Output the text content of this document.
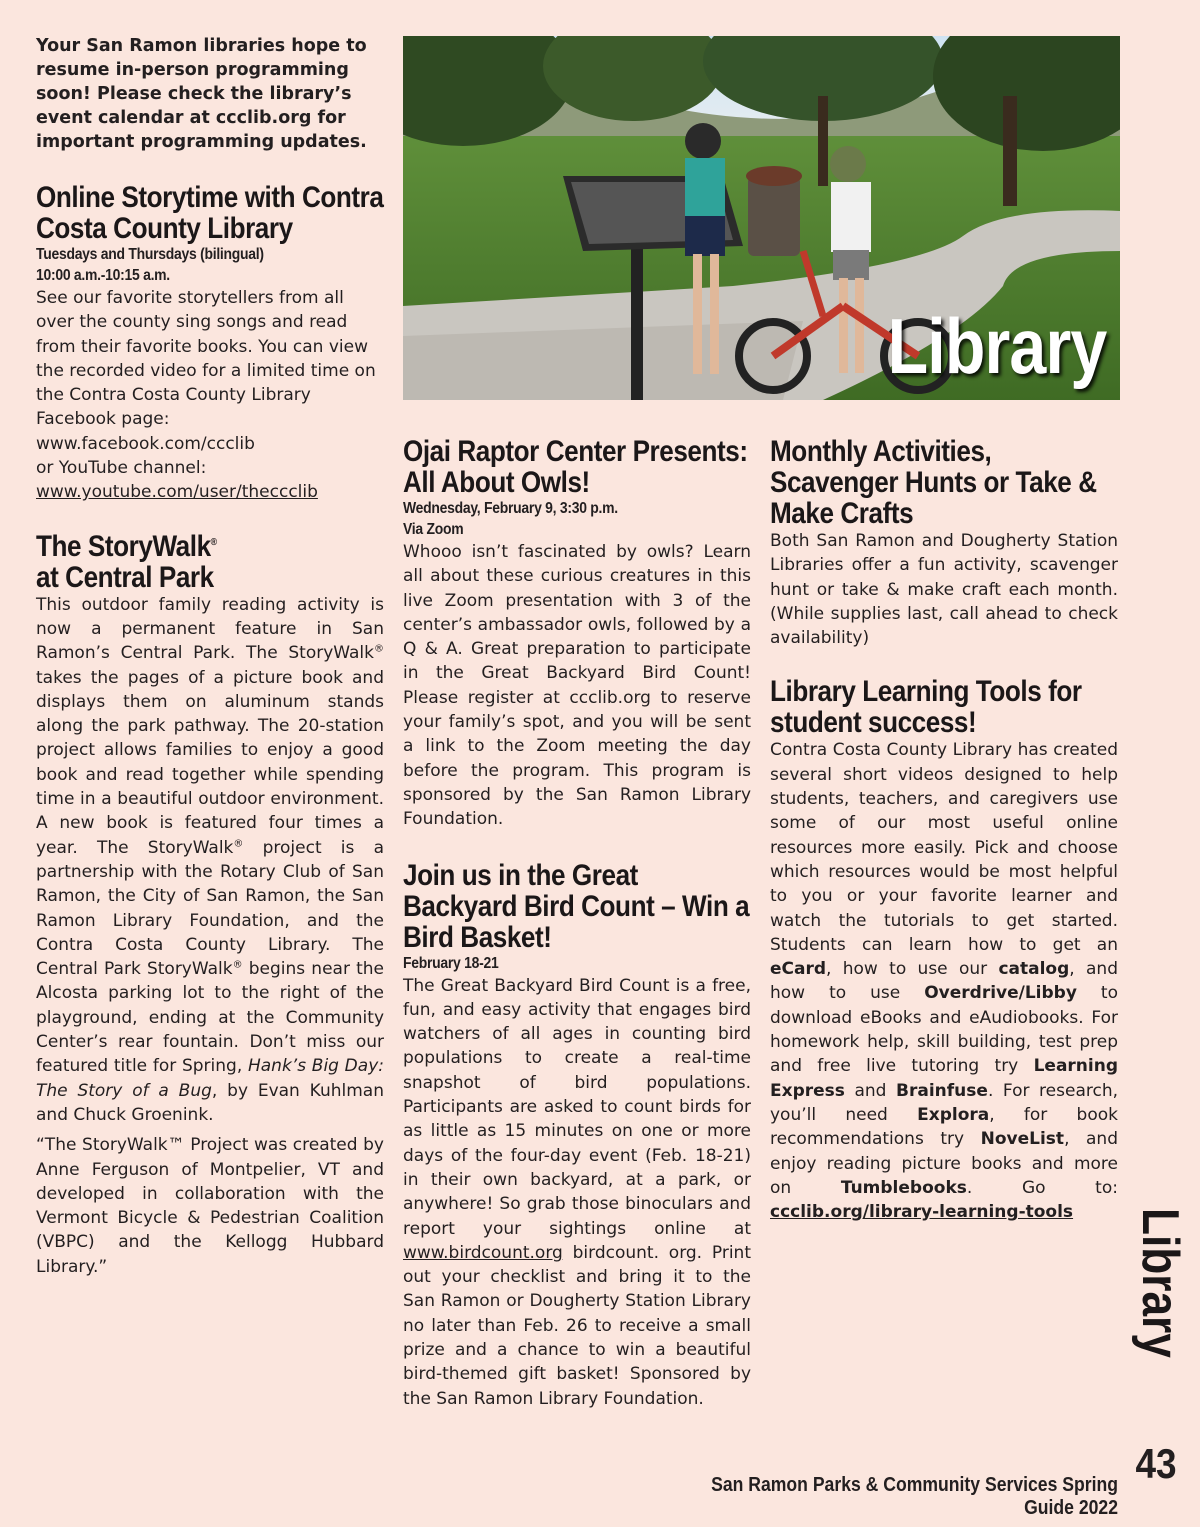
Your San Ramon libraries hope to resume in-person programming soon! Please check the library’s event calendar at ccclib.org for important programming updates.

Online Storytime with Contra Costa County Library
Tuesdays and Thursdays (bilingual)
10:00 a.m.-10:15 a.m.

See our favorite storytellers from all over the county sing songs and read from their favorite books. You can view the recorded video for a limited time on the Contra Costa County Library Facebook page: www.facebook.com/ccclib
or YouTube channel:
www.youtube.com/user/theccclib

The StoryWalk®
at Central Park

This outdoor family reading activity is now a permanent feature in San Ramon’s Central Park. The StoryWalk® takes the pages of a picture book and displays them on aluminum stands along the park pathway. The 20-station project allows families to enjoy a good book and read together while spending time in a beautiful outdoor environment. A new book is featured four times a year. The StoryWalk® project is a partnership with the Rotary Club of San Ramon, the City of San Ramon, the San Ramon Library Foundation, and the Contra Costa County Library. The Central Park StoryWalk® begins near the Alcosta parking lot to the right of the playground, ending at the Community Center’s rear fountain. Don’t miss our featured title for Spring, Hank’s Big Day: The Story of a Bug, by Evan Kuhlman and Chuck Groenink.

“The StoryWalk™ Project was created by Anne Ferguson of Montpelier, VT and developed in collaboration with the Vermont Bicycle & Pedestrian Coalition (VBPC) and the Kellogg Hubbard Library.”

Library
Ojai Raptor Center Presents: All About Owls!
Wednesday, February 9, 3:30 p.m.
Via Zoom

Whooo isn’t fascinated by owls? Learn all about these curious creatures in this live Zoom presentation with 3 of the center’s ambassador owls, followed by a Q & A. Great preparation to participate in the Great Backyard Bird Count! Please register at ccclib.org to reserve your family’s spot, and you will be sent a link to the Zoom meeting the day before the program. This program is sponsored by the San Ramon Library Foundation.

Join us in the Great Backyard Bird Count – Win a Bird Basket!
February 18-21

The Great Backyard Bird Count is a free, fun, and easy activity that engages bird watchers of all ages in counting bird populations to create a real-time snapshot of bird populations. Participants are asked to count birds for as little as 15 minutes on one or more days of the four-day event (Feb. 18-21) in their own backyard, at a park, or anywhere! So grab those binoculars and report your sightings online at www.birdcount.org birdcount. org. Print out your checklist and bring it to the San Ramon or Dougherty Station Library no later than Feb. 26 to receive a small prize and a chance to win a beautiful bird-themed gift basket! Sponsored by the San Ramon Library Foundation.

Monthly Activities, Scavenger Hunts or Take & Make Crafts

Both San Ramon and Dougherty Station Libraries offer a fun activity, scavenger hunt or take & make craft each month. (While supplies last, call ahead to check availability)

Library Learning Tools for student success!

Contra Costa County Library has created several short videos designed to help students, teachers, and caregivers use some of our most useful online resources more easily. Pick and choose which resources would be most helpful to you or your favorite learner and watch the tutorials to get started. Students can learn how to get an eCard, how to use our catalog, and how to use Overdrive/Libby to download eBooks and eAudiobooks. For homework help, skill building, test prep and free live tutoring try Learning Express and Brainfuse. For research, you’ll need Explora, for book recommendations try NoveList, and enjoy reading picture books and more on Tumblebooks. Go to: ccclib.org/library-learning-tools	Library
San Ramon Parks & Community Services Spring Guide 2022
43
